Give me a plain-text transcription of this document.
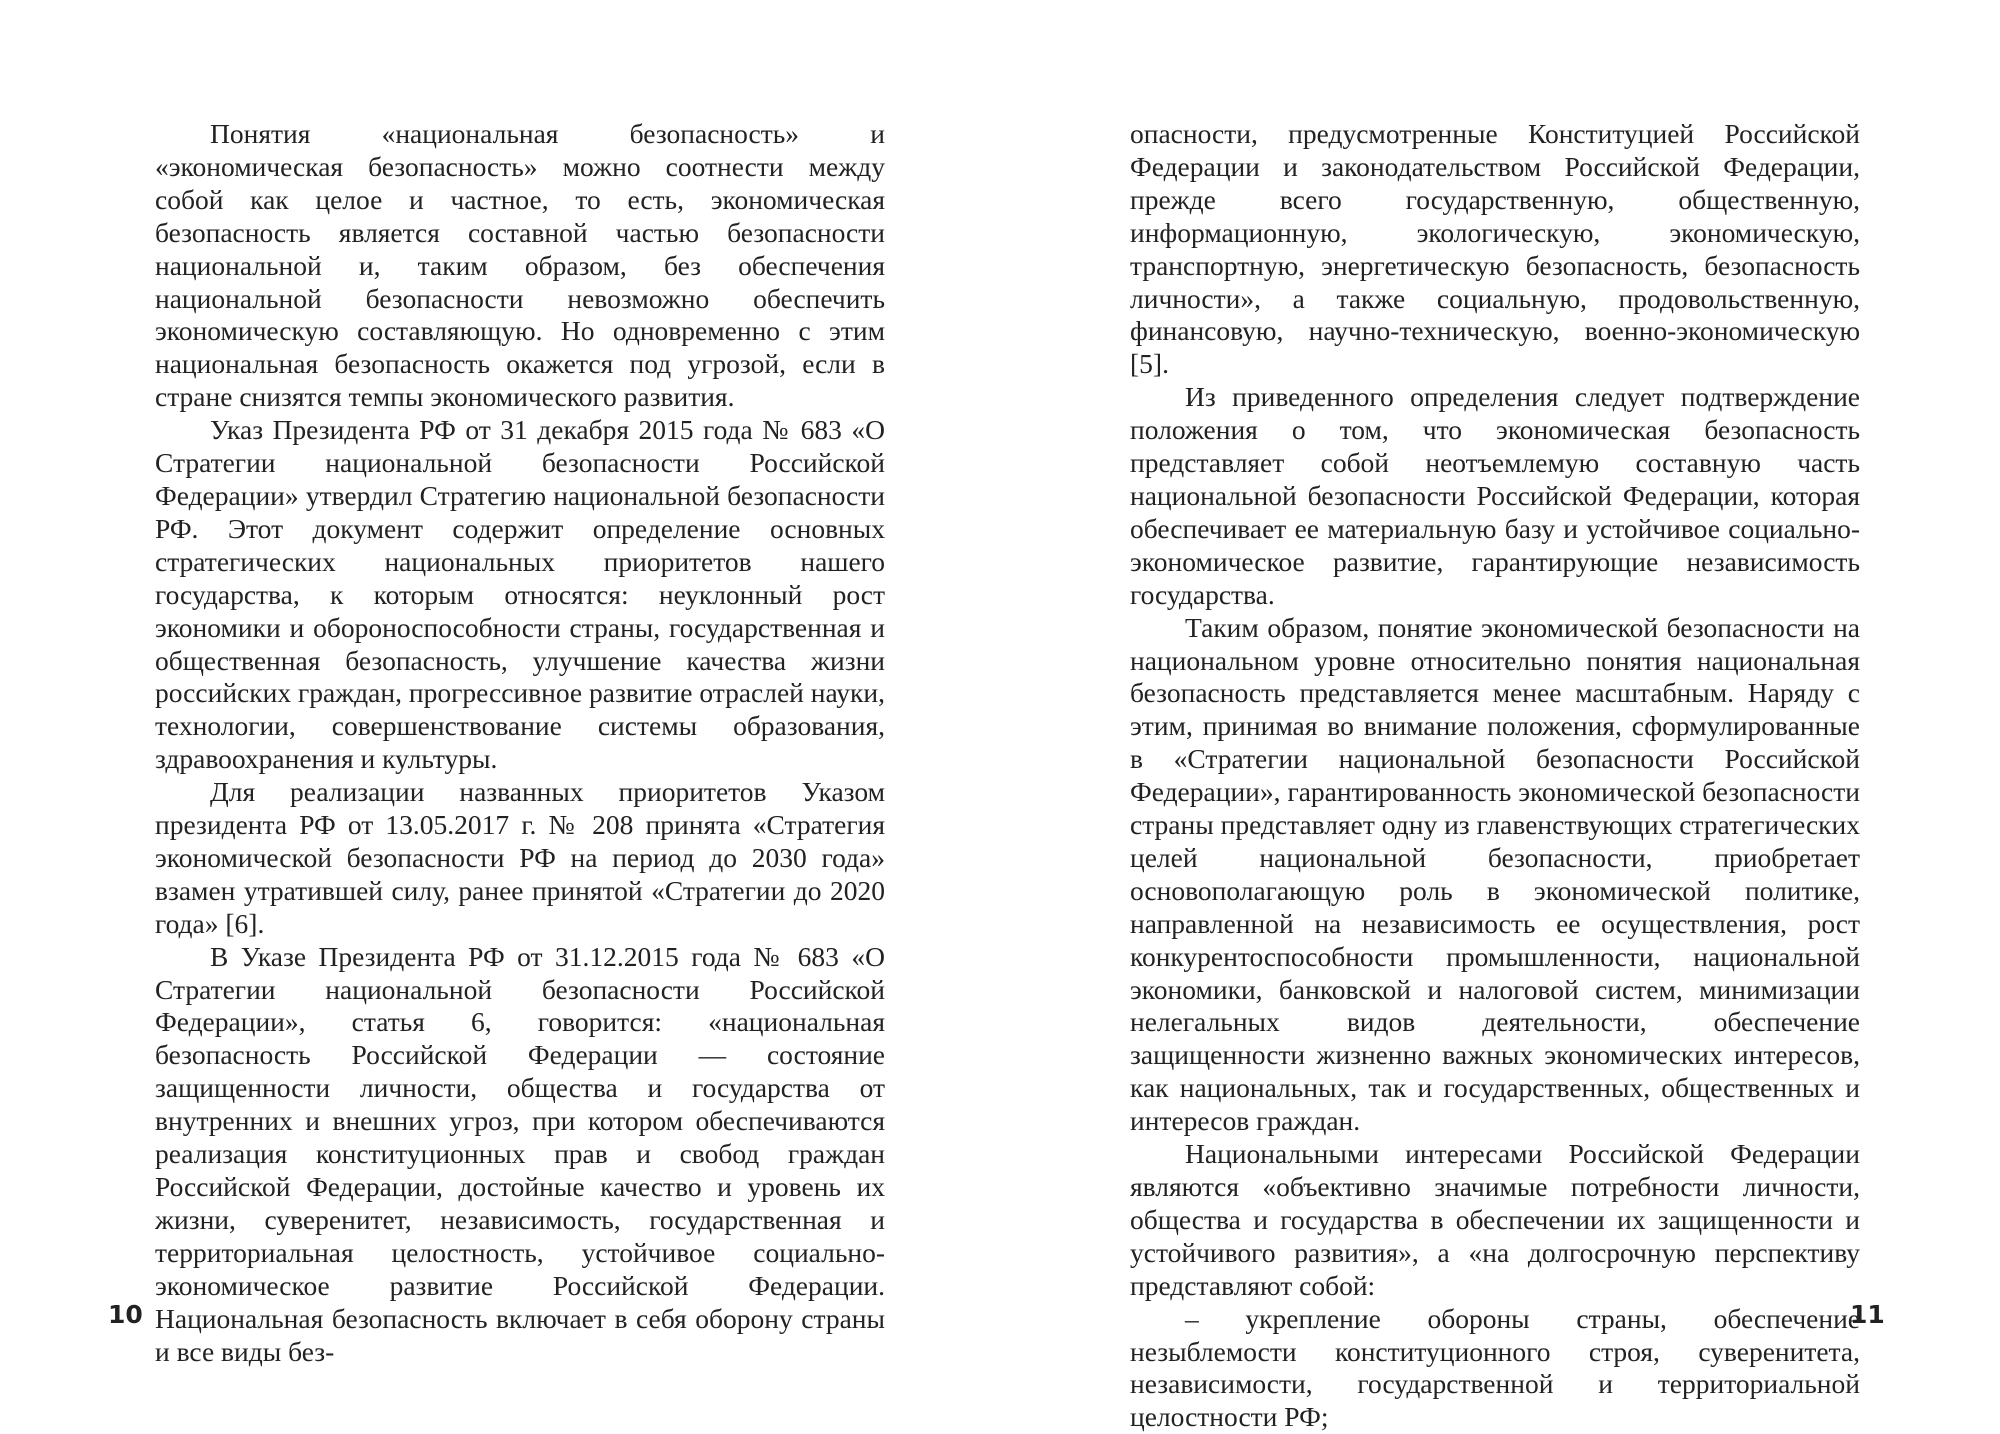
Понятия «национальная безопасность» и «экономическая безопасность» можно соотнести между собой как целое и частное, то есть, экономическая безопасность является составной частью безопасности национальной и, таким образом, без обеспечения национальной безопасности невозможно обеспечить экономическую составляющую. Но одновременно с этим национальная безопасность окажется под угрозой, если в стране снизятся темпы экономического развития.

Указ Президента РФ от 31 декабря 2015 года № 683 «О Стратегии национальной безопасности Российской Федерации» утвердил Стратегию национальной безопасности РФ. Этот документ содержит определение основных стратегических национальных приоритетов нашего государства, к которым относятся: неуклонный рост экономики и обороноспособности страны, государственная и общественная безопасность, улучшение качества жизни российских граждан, прогрессивное развитие отраслей науки, технологии, совершенствование системы образования, здравоохранения и культуры.

Для реализации названных приоритетов Указом президента РФ от 13.05.2017 г. № 208 принята «Стратегия экономической безопасности РФ на период до 2030 года» взамен утратившей силу, ранее принятой «Стратегии до 2020 года» [6].

В Указе Президента РФ от 31.12.2015 года № 683 «О Стратегии национальной безопасности Российской Федерации», статья 6, говорится: «национальная безопасность Российской Федерации — состояние защищенности личности, общества и государства от внутренних и внешних угроз, при котором обеспечиваются реализация конституционных прав и свобод граждан Российской Федерации, достойные качество и уровень их жизни, суверенитет, независимость, государственная и территориальная целостность, устойчивое социально-экономическое развитие Российской Федерации. Национальная безопасность включает в себя оборону страны и все виды без-

10

опасности, предусмотренные Конституцией Российской Федерации и законодательством Российской Федерации, прежде всего государственную, общественную, информационную, экологическую, экономическую, транспортную, энергетическую безопасность, безопасность личности», а также социальную, продовольственную, финансовую, научно-техническую, военно-экономическую [5].

Из приведенного определения следует подтверждение положения о том, что экономическая безопасность представляет собой неотъемлемую составную часть национальной безопасности Российской Федерации, которая обеспечивает ее материальную базу и устойчивое социально-экономическое развитие, гарантирующие независимость государства.

Таким образом, понятие экономической безопасности на национальном уровне относительно понятия национальная безопасность представляется менее масштабным. Наряду с этим, принимая во внимание положения, сформулированные в «Стратегии национальной безопасности Российской Федерации», гарантированность экономической безопасности страны представляет одну из главенствующих стратегических целей национальной безопасности, приобретает основополагающую роль в экономической политике, направленной на независимость ее осуществления, рост конкурентоспособности промышленности, национальной экономики, банковской и налоговой систем, минимизации нелегальных видов деятельности, обеспечение защищенности жизненно важных экономических интересов, как национальных, так и государственных, общественных и интересов граждан.

Национальными интересами Российской Федерации являются «объективно значимые потребности личности, общества и государства в обеспечении их защищенности и устойчивого развития», а «на долгосрочную перспективу представляют собой:

– укрепление обороны страны, обеспечение незыблемости конституционного строя, суверенитета, независимости, государственной и территориальной целостности РФ;

11
